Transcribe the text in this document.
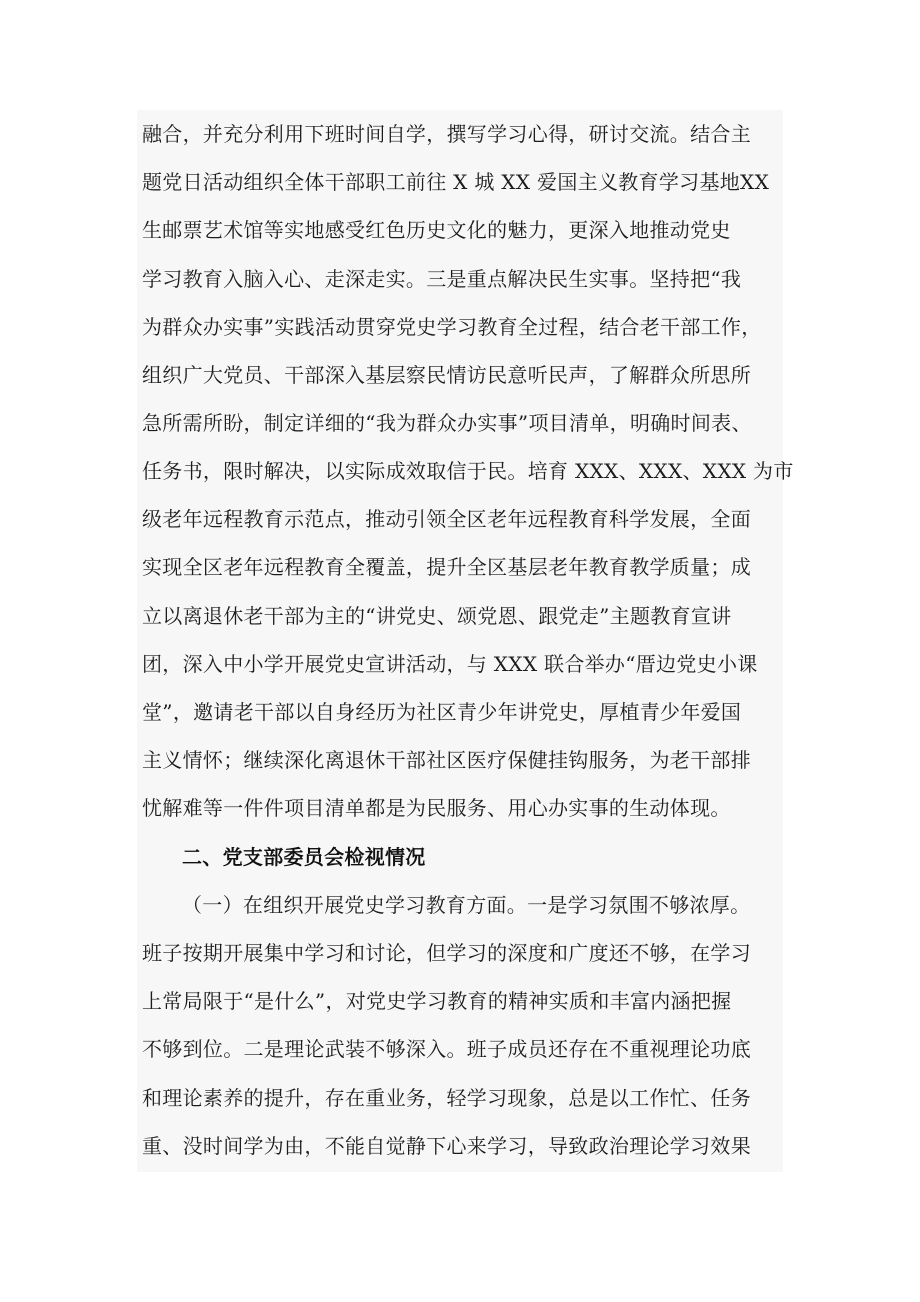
融合，并充分利用下班时间自学，撰写学习心得，研讨交流。结合主
题党日活动组织全体干部职工前往 X 城 XX 爱国主义教育学习基地XX
生邮票艺术馆等实地感受红色历史文化的魅力，更深入地推动党史
学习教育入脑入心、走深走实。三是重点解决民生实事。坚持把“我
为群众办实事”实践活动贯穿党史学习教育全过程，结合老干部工作，
组织广大党员、干部深入基层察民情访民意听民声，了解群众所思所
急所需所盼，制定详细的“我为群众办实事”项目清单，明确时间表、
任务书，限时解决，以实际成效取信于民。培育 XXX、XXX、XXX 为市
级老年远程教育示范点，推动引领全区老年远程教育科学发展，全面
实现全区老年远程教育全覆盖，提升全区基层老年教育教学质量；成
立以离退休老干部为主的“讲党史、颂党恩、跟党走”主题教育宣讲
团，深入中小学开展党史宣讲活动，与 XXX 联合举办“厝边党史小课
堂”，邀请老干部以自身经历为社区青少年讲党史，厚植青少年爱国
主义情怀；继续深化离退休干部社区医疗保健挂钩服务，为老干部排
忧解难等一件件项目清单都是为民服务、用心办实事的生动体现。
二、党支部委员会检视情况
（一）在组织开展党史学习教育方面。一是学习氛围不够浓厚。
班子按期开展集中学习和讨论，但学习的深度和广度还不够，在学习
上常局限于“是什么”，对党史学习教育的精神实质和丰富内涵把握
不够到位。二是理论武装不够深入。班子成员还存在不重视理论功底
和理论素养的提升，存在重业务，轻学习现象，总是以工作忙、任务
重、没时间学为由，不能自觉静下心来学习，导致政治理论学习效果
